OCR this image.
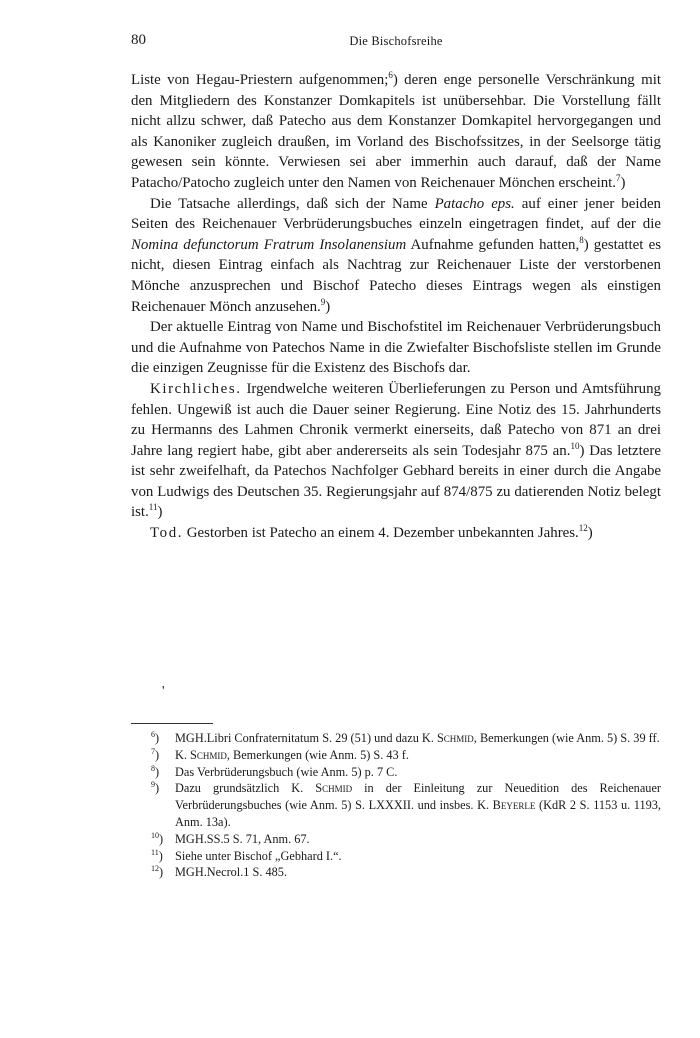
80	Die Bischofsreihe

Liste von Hegau-Priestern aufgenommen;$^6$) deren enge personelle Verschränkung mit den Mitgliedern des Konstanzer Domkapitels ist unübersehbar. Die Vorstellung fällt nicht allzu schwer, daß Patecho aus dem Konstanzer Domkapitel hervorgegangen und als Kanoniker zugleich draußen, im Vorland des Bischofssitzes, in der Seelsorge tätig gewesen sein könnte. Verwiesen sei aber immerhin auch darauf, daß der Name Patacho/Patocho zugleich unter den Namen von Reichenauer Mönchen erscheint.$^7$)

Die Tatsache allerdings, daß sich der Name Patacho eps. auf einer jener beiden Seiten des Reichenauer Verbrüderungsbuches einzeln eingetragen findet, auf der die Nomina defunctorum Fratrum Insolanensium Aufnahme gefunden hatten,$^8$) gestattet es nicht, diesen Eintrag einfach als Nachtrag zur Reichenauer Liste der verstorbenen Mönche anzusprechen und Bischof Patecho dieses Eintrags wegen als einstigen Reichenauer Mönch anzusehen.$^9$)

Der aktuelle Eintrag von Name und Bischofstitel im Reichenauer Verbrüderungsbuch und die Aufnahme von Patechos Name in die Zwiefalter Bischofsliste stellen im Grunde die einzigen Zeugnisse für die Existenz des Bischofs dar.

Kirchliches. Irgendwelche weiteren Überlieferungen zu Person und Amtsführung fehlen. Ungewiß ist auch die Dauer seiner Regierung. Eine Notiz des 15. Jahrhunderts zu Hermanns des Lahmen Chronik vermerkt einerseits, daß Patecho von 871 an drei Jahre lang regiert habe, gibt aber andererseits als sein Todesjahr 875 an.$^{10}$) Das letztere ist sehr zweifelhaft, da Patechos Nachfolger Gebhard bereits in einer durch die Angabe von Ludwigs des Deutschen 35. Regierungsjahr auf 874/875 zu datierenden Notiz belegt ist.$^{11}$)

Tod. Gestorben ist Patecho an einem 4. Dezember unbekannten Jahres.$^{12}$)

'
$^6$)	MGH.Libri Confraternitatum S. 29 (51) und dazu K. Schmid, Bemerkungen (wie Anm. 5) S. 39 ff.
$^7$)	K. Schmid, Bemerkungen (wie Anm. 5) S. 43 f.
$^8$)	Das Verbrüderungsbuch (wie Anm. 5) p. 7 C.
$^9$)	Dazu grundsätzlich K. Schmid in der Einleitung zur Neuedition des Reichenauer Verbrüderungsbuches (wie Anm. 5) S. LXXXII. und insbes. K. Beyerle (KdR 2 S. 1153 u. 1193, Anm. 13a).
$^{10}$) MGH.SS.5 S. 71, Anm. 67.
$^{11}$) Siehe unter Bischof „Gebhard I.“.
$^{12}$) MGH.Necrol.1 S. 485.
